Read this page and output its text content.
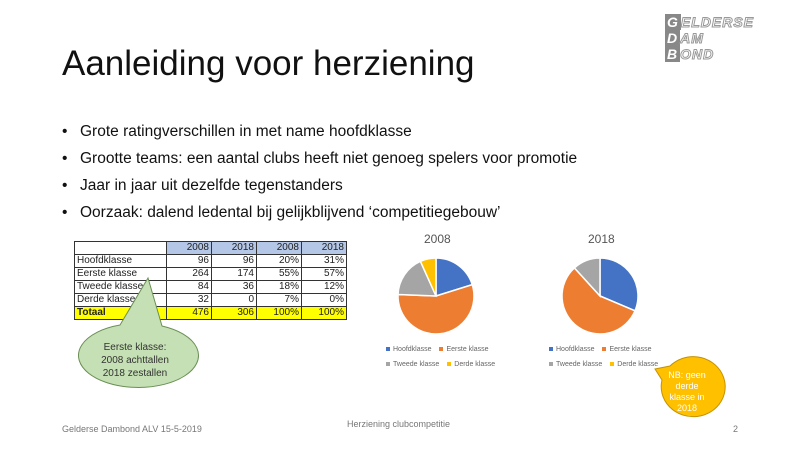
Aanleiding voor herziening
G ELDERSE
D AM
B OND
• Grote ratingverschillen in met name hoofdklasse
• Grootte teams: een aantal clubs heeft niet genoeg spelers voor promotie
• Jaar in jaar uit dezelfde tegenstanders
• Oorzaak: dalend ledental bij gelijkblijvend ‘competitiegebouw’
	2008	2018	2008	2018
Hoofdklasse	96	96	20%	31%
Eerste klasse	264	174	55%	57%
Tweede klasse	84	36	18%	12%
Derde klasse	32	0	7%	0%
Totaal	476	306	100%	100%
Eerste klasse:
2008 achttallen
2018 zestallen	NB: geen
derde
klasse in
2018
2008	2018
Hoofdklasse Eerste klasse
Tweede klasse Derde klasse
Hoofdklasse Eerste klasse
Tweede klasse Derde klasse
Gelderse Dambond ALV 15-5-2019	Herziening clubcompetitie	2
